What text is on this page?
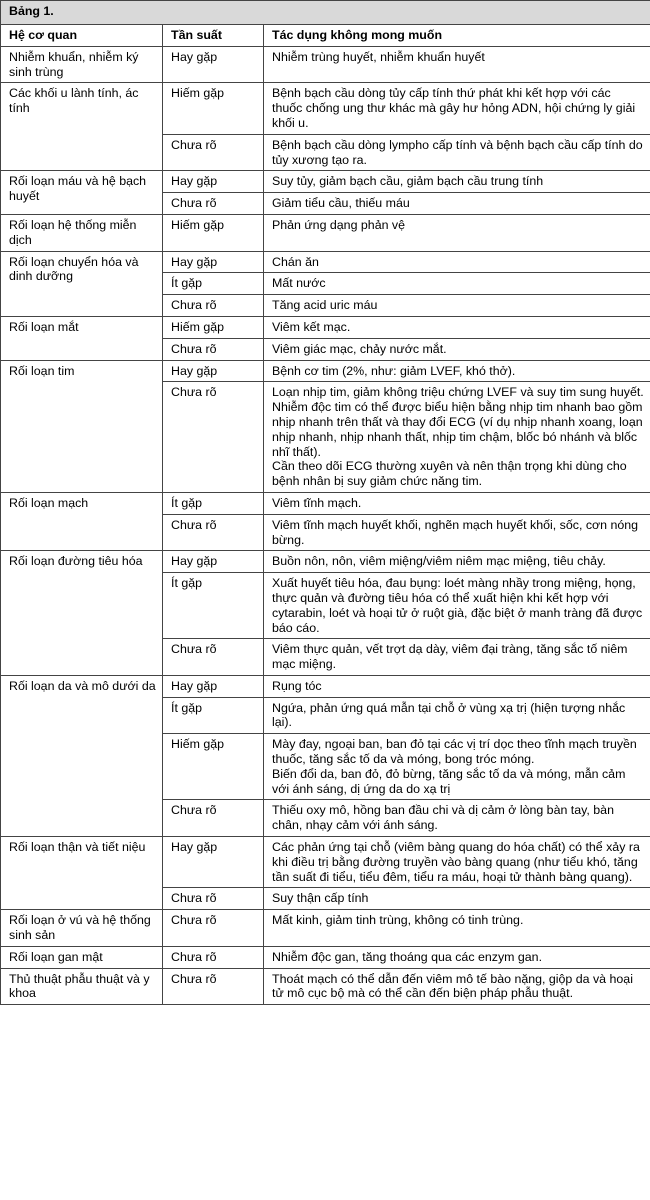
Bảng 1.		
Hệ cơ quan	Tần suất	Tác dụng không mong muốn
Nhiễm khuẩn, nhiễm ký sinh trùng	Hay gặp	Nhiễm trùng huyết, nhiễm khuẩn huyết

Các khối u lành tính, ác tính	Hiếm gặp	Bệnh bạch cầu dòng tủy cấp tính thứ phát khi kết hợp với các thuốc chống ung thư khác mà gây hư hỏng ADN, hội chứng ly giải khối u.

	Chưa rõ	Bệnh bạch cầu dòng lympho cấp tính và bệnh bạch cầu cấp tính do tủy xương tạo ra.

Rối loạn máu và hệ bạch huyết	Hay gặp	Suy tủy, giảm bạch cầu, giảm bạch cầu trung tính

	Chưa rõ	Giảm tiểu cầu, thiếu máu

Rối loạn hệ thống miễn dịch	Hiếm gặp	Phản ứng dạng phản vệ

Rối loạn chuyển hóa và dinh dưỡng	Hay gặp	Chán ăn

	Ít gặp	Mất nước

	Chưa rõ	Tăng acid uric máu

Rối loạn mắt	Hiếm gặp	Viêm kết mạc.

	Chưa rõ	Viêm giác mạc, chảy nước mắt.

Rối loạn tim	Hay gặp	Bệnh cơ tim (2%, như: giảm LVEF, khó thở).

	Chưa rõ	Loạn nhịp tim, giảm không triệu chứng LVEF và suy tim sung huyết.
Nhiễm độc tim có thể được biểu hiện bằng nhịp tim nhanh bao gồm nhịp nhanh trên thất và thay đổi ECG (ví dụ nhịp nhanh xoang, loạn nhịp nhanh, nhịp nhanh thất, nhịp tim chậm, blốc bó nhánh và blốc nhĩ thất).
Cần theo dõi ECG thường xuyên và nên thận trọng khi dùng cho bệnh nhân bị suy giảm chức năng tim.

Rối loạn mạch	Ít gặp	Viêm tĩnh mạch.

	Chưa rõ	Viêm tĩnh mạch huyết khối, nghẽn mạch huyết khối, sốc, cơn nóng bừng.

Rối loạn đường tiêu hóa	Hay gặp	Buồn nôn, nôn, viêm miệng/viêm niêm mạc miệng, tiêu chảy.

	Ít gặp	Xuất huyết tiêu hóa, đau bụng: loét màng nhầy trong miệng, họng, thực quản và đường tiêu hóa có thể xuất hiện khi kết hợp với cytarabin, loét và hoại tử ở ruột già, đặc biệt ở manh tràng đã được báo cáo.

	Chưa rõ	Viêm thực quản, vết trợt dạ dày, viêm đại tràng, tăng sắc tố niêm mạc miệng.

Rối loạn da và mô dưới da	Hay gặp	Rụng tóc

	Ít gặp	Ngứa, phản ứng quá mẫn tại chỗ ở vùng xạ trị (hiện tượng nhắc lại).

	Hiếm gặp	Mày đay, ngoại ban, ban đỏ tại các vị trí dọc theo tĩnh mạch truyền thuốc, tăng sắc tố da và móng, bong tróc móng.
Biến đổi da, ban đỏ, đỏ bừng, tăng sắc tố da và móng, mẫn cảm với ánh sáng, dị ứng da do xạ trị

	Chưa rõ	Thiếu oxy mô, hồng ban đầu chi và dị cảm ở lòng bàn tay, bàn chân, nhạy cảm với ánh sáng.

Rối loạn thận và tiết niệu	Hay gặp	Các phản ứng tại chỗ (viêm bàng quang do hóa chất) có thể xảy ra khi điều trị bằng đường truyền vào bàng quang (như tiểu khó, tăng tần suất đi tiểu, tiểu đêm, tiểu ra máu, hoại tử thành bàng quang).

	Chưa rõ	Suy thận cấp tính

Rối loạn ở vú và hệ thống sinh sản	Chưa rõ	Mất kinh, giảm tinh trùng, không có tinh trùng.

Rối loạn gan mật	Chưa rõ	Nhiễm độc gan, tăng thoáng qua các enzym gan.

Thủ thuật phẫu thuật và y khoa	Chưa rõ	Thoát mạch có thể dẫn đến viêm mô tế bào nặng, giộp da và hoại tử mô cục bộ mà có thể cần đến biện pháp phẫu thuật.
